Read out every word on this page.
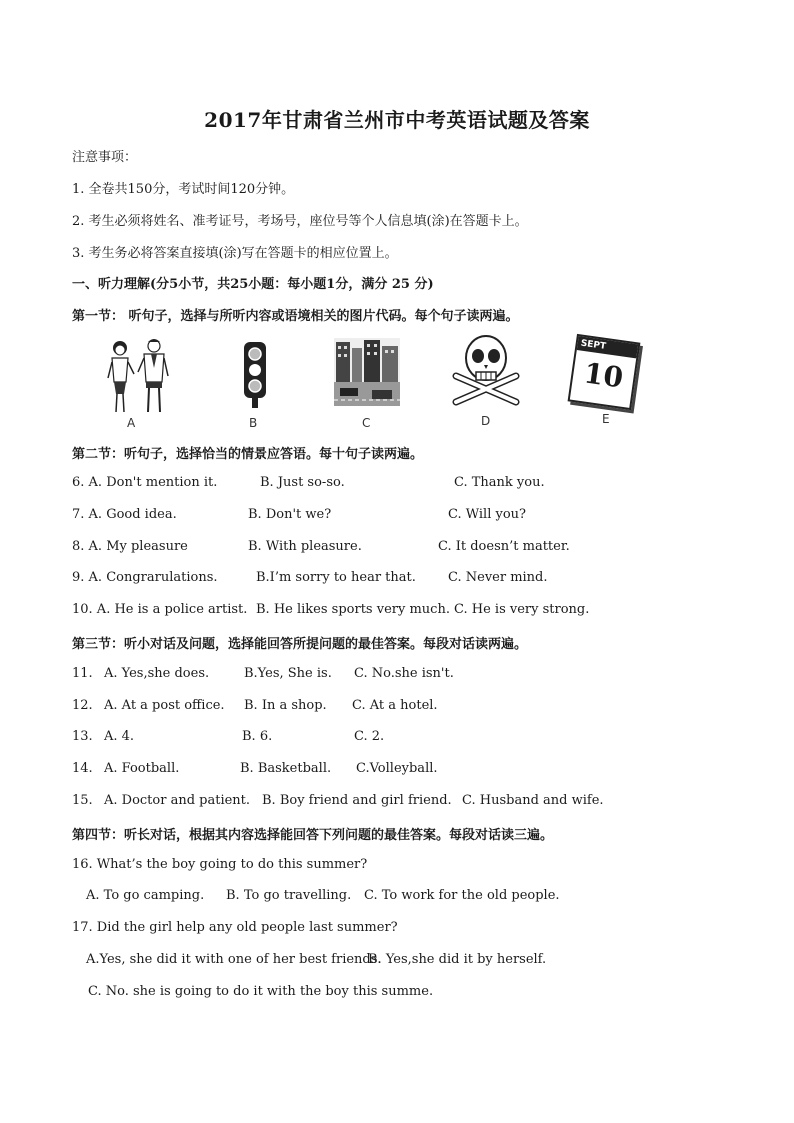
2017年甘肃省兰州市中考英语试题及答案
注意事项：
1. 全卷共150分，考试时间120分钟。
2. 考生必须将姓名、准考证号，考场号，座位号等个人信息填(涂)在答题卡上。
3. 考生务必将答案直接填(涂)写在答题卡的相应位置上。
一、听力理解(分5小节，共25小题：每小题1分，满分 25 分)
第一节： 听句子，选择与所听内容或语境相关的图片代码。每个句子读两遍。
A	B	C	D
SEPT
10
E
第二节：听句子，选择恰当的情景应答语。每十句子读两遍。
6. A. Don't mention it.	B. Just so-so.	C. Thank you.
7. A. Good idea.	B. Don't we?	C. Will you?
8. A. My pleasure	B. With pleasure.	C. It doesn’t matter.
9. A. Congrarulations.	B.I’m sorry to hear that. C. Never mind.
10. A. He is a police artist. B. He likes sports very much. C. He is very strong.
第三节：听小对话及问题，选择能回答所提问题的最佳答案。每段对话读两遍。
11. A. Yes,she does.	B.Yes, She is. C. No.she isn't.
12. A. At a post office. B. In a shop. C. At a hotel.
13. A. 4.	B. 6.	C. 2.
14. A. Football.	B. Basketball. C.Volleyball.
15. A. Doctor and patient. B. Boy friend and girl friend. C. Husband and wife.
第四节：听长对话，根据其内容选择能回答下列问题的最佳答案。每段对话读三遍。
16. What’s the boy going to do this summer?
A. To go camping. B. To go travelling. C. To work for the old people.
17. Did the girl help any old people last summer?
A.Yes, she did it with one of her best friends.
B. Yes,she did it by herself.
C. No. she is going to do it with the boy this summe.
